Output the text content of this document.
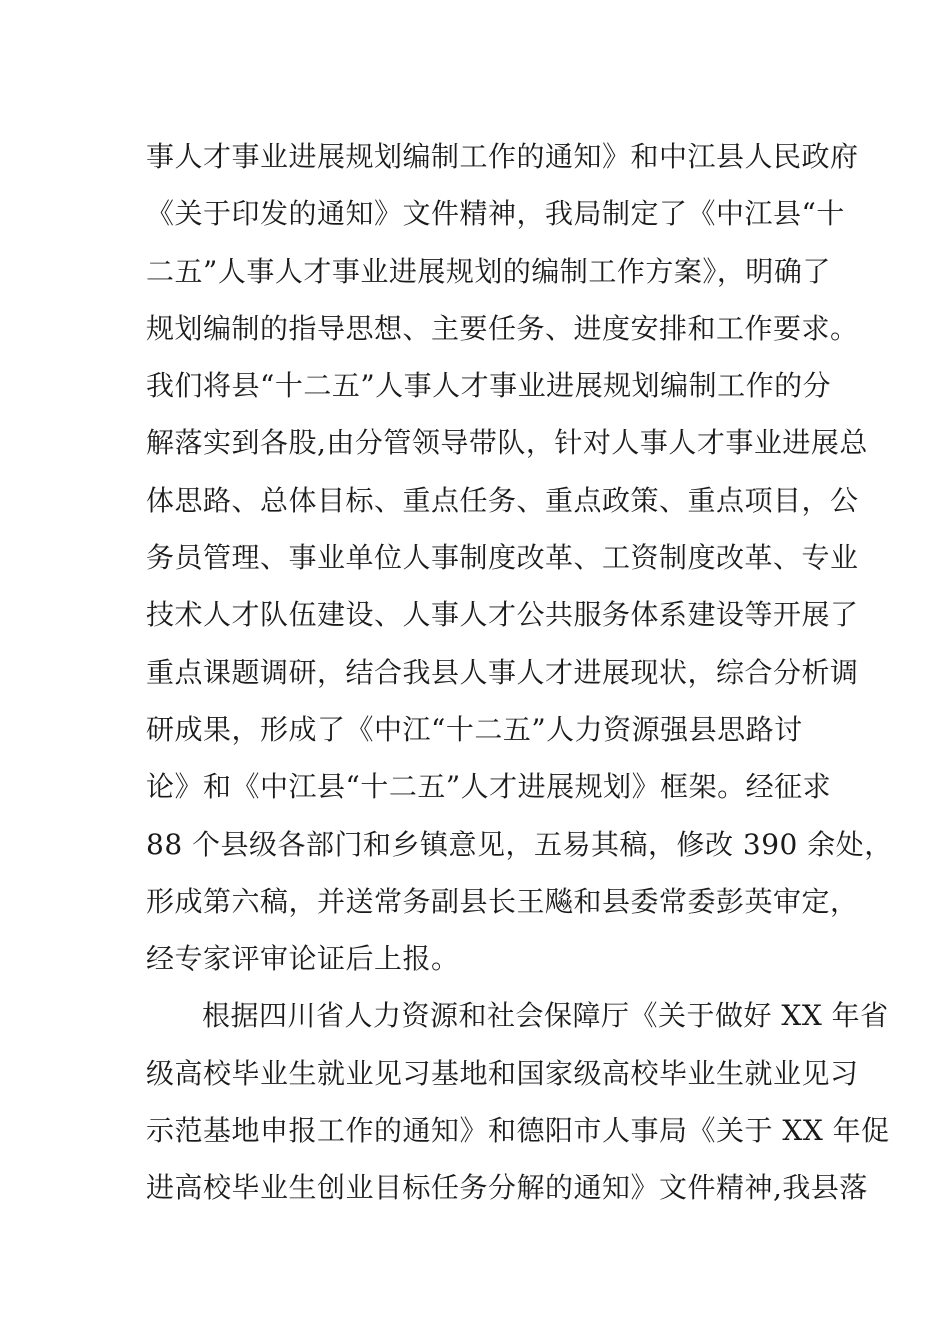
事人才事业进展规划编制工作的通知》和中江县人民政府
《关于印发的通知》文件精神，我局制定了《中江县“十
二五”人事人才事业进展规划的编制工作方案》，明确了
规划编制的指导思想、主要任务、进度安排和工作要求。
我们将县“十二五”人事人才事业进展规划编制工作的分
解落实到各股,由分管领导带队，针对人事人才事业进展总
体思路、总体目标、重点任务、重点政策、重点项目，公
务员管理、事业单位人事制度改革、工资制度改革、专业
技术人才队伍建设、人事人才公共服务体系建设等开展了
重点课题调研，结合我县人事人才进展现状，综合分析调
研成果，形成了《中江“十二五”人力资源强县思路讨
论》和《中江县“十二五”人才进展规划》框架。经征求
88 个县级各部门和乡镇意见，五易其稿，修改 390 余处，
形成第六稿，并送常务副县长王飚和县委常委彭英审定，
经专家评审论证后上报。
根据四川省人力资源和社会保障厅《关于做好 XX 年省
级高校毕业生就业见习基地和国家级高校毕业生就业见习
示范基地申报工作的通知》和德阳市人事局《关于 XX 年促
进高校毕业生创业目标任务分解的通知》文件精神,我县落
